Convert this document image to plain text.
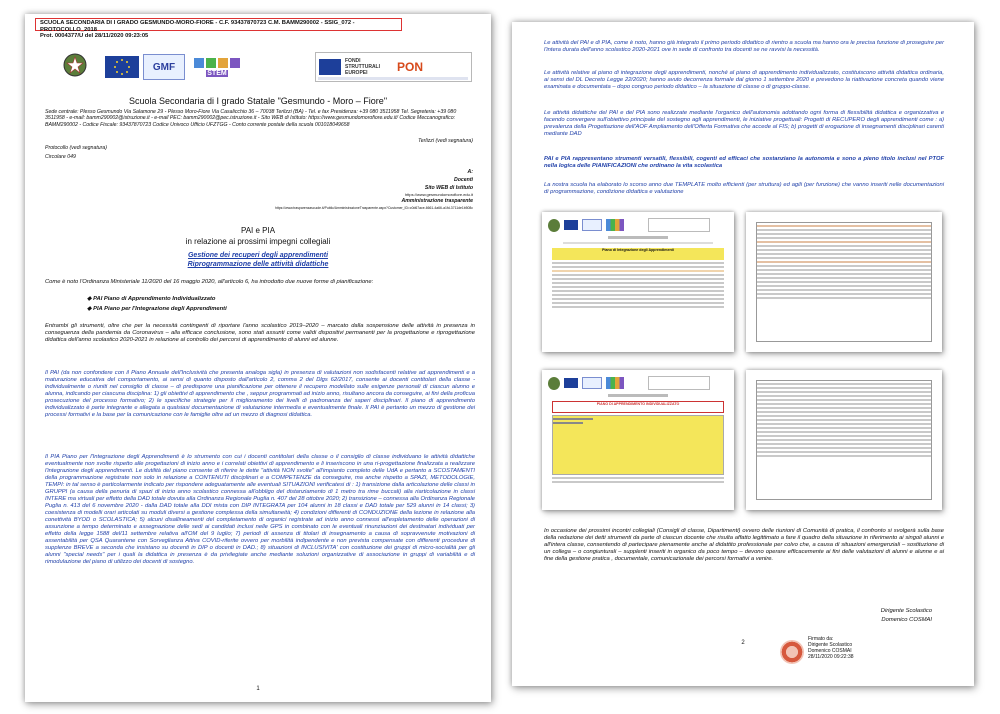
SCUOLA SECONDARIA DI I GRADO GESMUNDO-MORO-FIORE - C.F. 93437870723 C.M. BAMM290002 - SSIG_072 - PROTOCOLLO_2018
Prot. 0004377/U del 28/11/2020 09:23:05
GMF
STEM
FONDI STRUTTURALI EUROPEI	PON
Scuola Secondaria di I grado Statale "Gesmundo - Moro – Fiore"
Sede centrale: Plesso Gesmundo Via Salamone 29 - Plesso Moro-Fiore Via Casalicchio 36 – 70038 Terlizzi (BA) - Tel. e fax Presidenza: +39 080 3511958 Tel. Segreteria: +39 080 3511958 - e-mail: bamm290002@istruzione.it - e-mail PEC: bamm290002@pec.istruzione.it - Sito WEB di Istituto: https://www.gesmundomorofiore.edu.it/ Codice Meccanografico: BAMM290002 - Codice Fiscale: 93437870723 Codice Univoco Ufficio UFZTGG - Conto corrente postale della scuola 001018049658
Terlizzi (vedi segnatura)
Protocollo (vedi segnatura)
Circolare 049
A:
Docenti
Sito WEB di Istituto
https://www.gesmundomorofiore.edu.it
Amministrazione trasparente
https://www.trasparenzascuole.it/Public/AmministrazioneTrasparente.aspx?Customer_ID=c0d67ace-6661-4a66-a1fd-3711de1b508c
PAI e PIA
in relazione ai prossimi impegni collegiali
Gestione dei recuperi degli apprendimenti
Riprogrammazione delle attività didattiche
Come è noto l'Ordinanza Ministeriale 11/2020 del 16 maggio 2020, all'articolo 6, ha introdotto due nuove forme di pianificazione:
◆ PAI Piano di Apprendimento Individualizzato
◆ PIA Piano per l'Integrazione degli Apprendimenti
Entrambi gli strumenti, oltre che per la necessità contingenti di riportare l'anno scolastico 2019–2020 – marcato dalla sospensione delle attività in presenza in conseguenza della pandemia da Coronavirus – alla efficace conclusione, sono stati assunti come validi dispositivi permanenti per la progettazione e riprogettazione didattica dell'anno scolastico 2020-2021 in relazione al controllo dei percorsi di apprendimento di alunni ed alunne.
Il PAI (da non confondere con il Piano Annuale dell'Inclusività che presenta analoga sigla) in presenza di valutazioni non sodisfacenti relative ad apprendimenti e a maturazione educativa del comportamento, ai sensi di quanto disposto dall'articolo 2, comma 2 del Dlgs 62/2017, consente ai docenti contitolari della classe - individualmente o riuniti nel consiglio di classe – di predisporre una pianificazione per ottenere il recupero modellato sulle esigenze personali di ciascun alunno e alunna, indicando per ciascuna disciplina: 1) gli obiettivi di apprendimento che , seppur programmati ad inizio anno, risultano ancora da conseguire, ai fini della proficua prosecuzione del processo formativo; 2) le specifiche strategie per il miglioramento dei livelli di padronanza dei saperi disciplinari. Il piano di apprendimento individualizzato è parte integrante e allegata a qualsiasi documentazione di valutazione intermedia e eventualmente finale. Il PAI è pertanto un mezzo di gestione dei processi formativi e la base per la comunicazione con le famiglie oltre ad un mezzo di diagnosi didattica.
Il PIA Piano per l'Integrazione degli Apprendimenti è lo strumento con cui i docenti contitolari della classe o il consiglio di classe individuano le attività didattiche eventualmente non svolte rispetto alle progettazioni di inizio anno e i correlati obiettivi di apprendimento e li inseriscono in una ri-progettazione finalizzata a realizzare l'integrazione degli apprendimenti. Le dutilità del piano consente di riferire le dette "attività NON svolte" all'impianto completo delle UdA e pertanto a SCOSTAMENTI della programmazione registrate non solo in relazione a CONTENUTI disciplinari e a COMPETENZE da conseguire, ma anche rispetto a SPAZI, METODOLOGIE, TEMPI: in tal senso è particolarmente indicato per rispondere adeguatamente alle eventuali SITUAZIONI verificatesi di : 1) transizione dalla articolazione delle classi in GRUPPI (a causa della penuria di spazi di inizio anno scolastico connessa all'obbligo del distanziamento di 1 metro tra rime buccali) alla riarticolazione in classi INTERE ma virtuali per effetto della DAD totale dovuta alla Ordinanza Regionale Puglia n. 407 del 28 ottobre 2020; 2) transizione – connessa alla Ordinanza Regionale Puglia n. 413 del 6 novembre 2020 - dalla DAD totale alla DDI mista con DIP INTEGRATA per 104 alunni in 18 classi e DAD totale per 529 alunni in 14 classi; 3) coesistenza di modelli orari articolati su moduli diversi a gestione complessa della simultaneità; 4) condizioni differenti di CONDUZIONE della lezione in relazione alla conettività BYOD o SCOLASTICA; 5) alcuni disallineamenti del completamento di organici registrate ad inizio anno connessi all'espletamento delle operazioni di assunzione a tempo determinato e assegnazione delle sedi ai candidati inclusi nelle GPS in combinato con le eventuali rinunziazioni dei destinatari individuati per effetto della legge 1588 del/11 settembre relativa all'OM del 9 luglio; 7) periodi di assenza di titolari di insegnamento a causa di sopravvenute motivazioni di assentabilità per QSA Quarantene con Sorveglianza Attiva COVID-riferite ovvero per morbilità indipendente e non prevista compensate con differenti procedure di supplenze BREVE a seconda che insistano su docenti in DIP o docenti in DAD.; 8) situazioni di INCLUSIVITA' con costituzione dei gruppi di micro-socialità per gli alunni "special needs" per i quali la didattica in presenza è da privilegiate anche mediante soluzioni organizzative di associazione in gruppi di variabilità e di rimodulazione del piano di utilizzo dei docenti di sostegno.
1
Le attività del PAI e di PIA, come è noto, hanno già integrato il primo periodo didattico di rientro a scuola ma hanno ora le precisa funzione di proseguire per l'intera durata dell'anno scolastico 2020-2021 ove in sede di confronto tra docenti se ne ravvisi la necessità.
Le attività relative al piano di integrazione degli apprendimenti, nonché al piano di apprendimento individualizzato, costituiscono attività didattica ordinaria, ai sensi del DL Decreto Legge 22/2020; hanno avuto decorrenza formale dal giorno 1 settembre 2020 e prevedono la riattivazione concreta quando viene esaminata e documentata – dopo congruo periodo didattico – la situazione di classe o di gruppo-classe.
Le attività didattiche del PAI e del PIA sono realizzate mediante l'organico dell'autonomia adottando ogni forma di flessibilità didattica e organizzativa e facendo convergere sull'obiettivo principale del sostegno agli apprendimenti, le iniziative progettuali: Progetti di RECUPERO degli apprendimenti come : a) prevalenza della Progettazione dell'AOF Ampliamento dell'Offerta Formativa che accede al FIS; b) progetti di erogazione di insegnamenti disciplinari carenti mediante DAD
PAI e PIA rappresentano strumenti versatili, flessibili, cogenti ed efficaci che sostanziano la autonomia e sono a pieno titolo inclusi nel PTOF nella logica delle PIANIFICAZIONI che ordinano la vita scolastica
La nostra scuola ha elaborato lo scorso anno due TEMPLATE molto efficienti (per struttura) ed agili (per funzione) che vanno inseriti nelle documentazioni di programmazione, condizione didattica e valutazione
Piano di Integrazione degli Apprendimenti
PIANO DI APPRENDIMENTO INDIVIDUALIZZATO
In occasione dei prossimi incontri collegiali (Consigli di classe, Dipartimenti) ovvero delle riunioni di Comunità di pratica, il confronto si svolgerà sulla base della redazione dei detti strumenti da parte di ciascun docente che risulta affatto legittimato a fare il quadro della situazione in riferimento ai singoli alunni e all'intera classe, consentendo di partecipare pienamente anche al didattito professionale per colvo che, a causa di situazioni emergenziali – sostituzione di un collega – o congiunturali – supplenti inseriti in organico da poco tempo – devono operare efficacemente ai fini delle valutazioni di alunni e alunne e ai fine della gestione pratica , documentale, comunicazionale dei percorsi formativi a venire.
Dirigente Scolastico
Domenico COSMAI
2
Firmato da:
Dirigente Scolastico
Domenico COSMAI
28/11/2020 09:22:38
